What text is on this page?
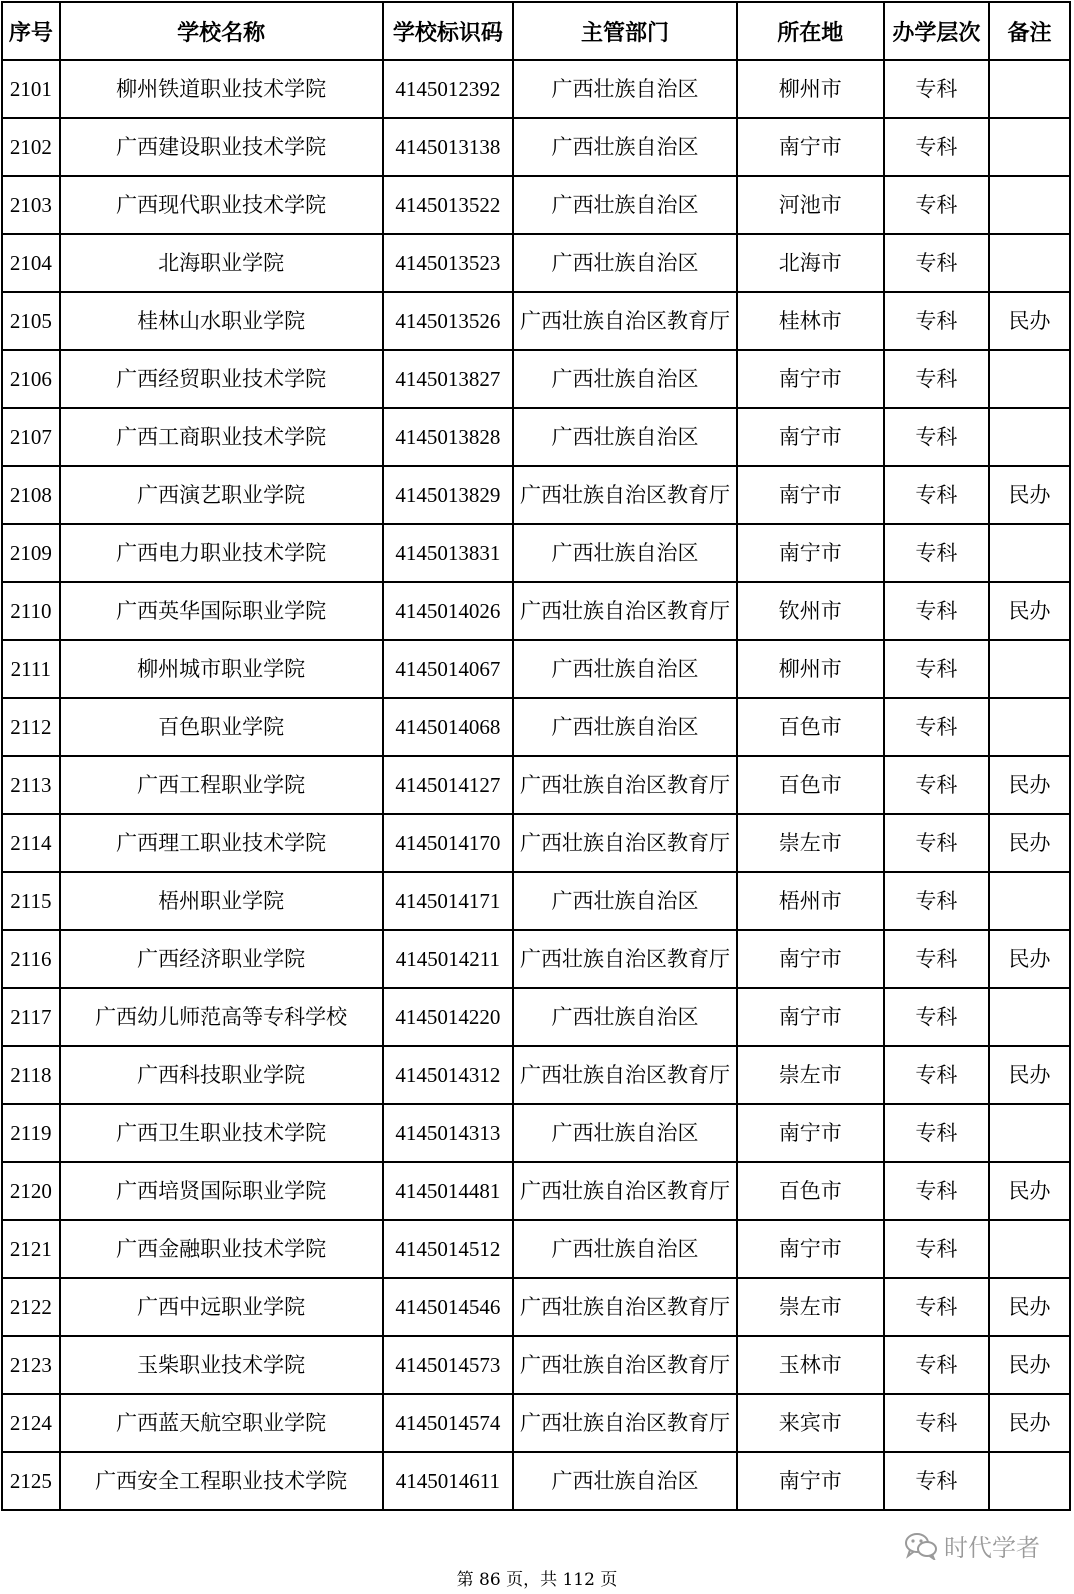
序号	学校名称	学校标识码	主管部门	所在地	办学层次	备注
2101	柳州铁道职业技术学院	4145012392	广西壮族自治区	柳州市	专科	
2102	广西建设职业技术学院	4145013138	广西壮族自治区	南宁市	专科	
2103	广西现代职业技术学院	4145013522	广西壮族自治区	河池市	专科	
2104	北海职业学院	4145013523	广西壮族自治区	北海市	专科	
2105	桂林山水职业学院	4145013526	广西壮族自治区教育厅	桂林市	专科	民办
2106	广西经贸职业技术学院	4145013827	广西壮族自治区	南宁市	专科	
2107	广西工商职业技术学院	4145013828	广西壮族自治区	南宁市	专科	
2108	广西演艺职业学院	4145013829	广西壮族自治区教育厅	南宁市	专科	民办
2109	广西电力职业技术学院	4145013831	广西壮族自治区	南宁市	专科	
2110	广西英华国际职业学院	4145014026	广西壮族自治区教育厅	钦州市	专科	民办
2111	柳州城市职业学院	4145014067	广西壮族自治区	柳州市	专科	
2112	百色职业学院	4145014068	广西壮族自治区	百色市	专科	
2113	广西工程职业学院	4145014127	广西壮族自治区教育厅	百色市	专科	民办
2114	广西理工职业技术学院	4145014170	广西壮族自治区教育厅	崇左市	专科	民办
2115	梧州职业学院	4145014171	广西壮族自治区	梧州市	专科	
2116	广西经济职业学院	4145014211	广西壮族自治区教育厅	南宁市	专科	民办
2117	广西幼儿师范高等专科学校	4145014220	广西壮族自治区	南宁市	专科	
2118	广西科技职业学院	4145014312	广西壮族自治区教育厅	崇左市	专科	民办
2119	广西卫生职业技术学院	4145014313	广西壮族自治区	南宁市	专科	
2120	广西培贤国际职业学院	4145014481	广西壮族自治区教育厅	百色市	专科	民办
2121	广西金融职业技术学院	4145014512	广西壮族自治区	南宁市	专科	
2122	广西中远职业学院	4145014546	广西壮族自治区教育厅	崇左市	专科	民办
2123	玉柴职业技术学院	4145014573	广西壮族自治区教育厅	玉林市	专科	民办
2124	广西蓝天航空职业学院	4145014574	广西壮族自治区教育厅	来宾市	专科	民办
2125	广西安全工程职业技术学院	4145014611	广西壮族自治区	南宁市	专科	
时代学者
第 86 页，共 112 页
